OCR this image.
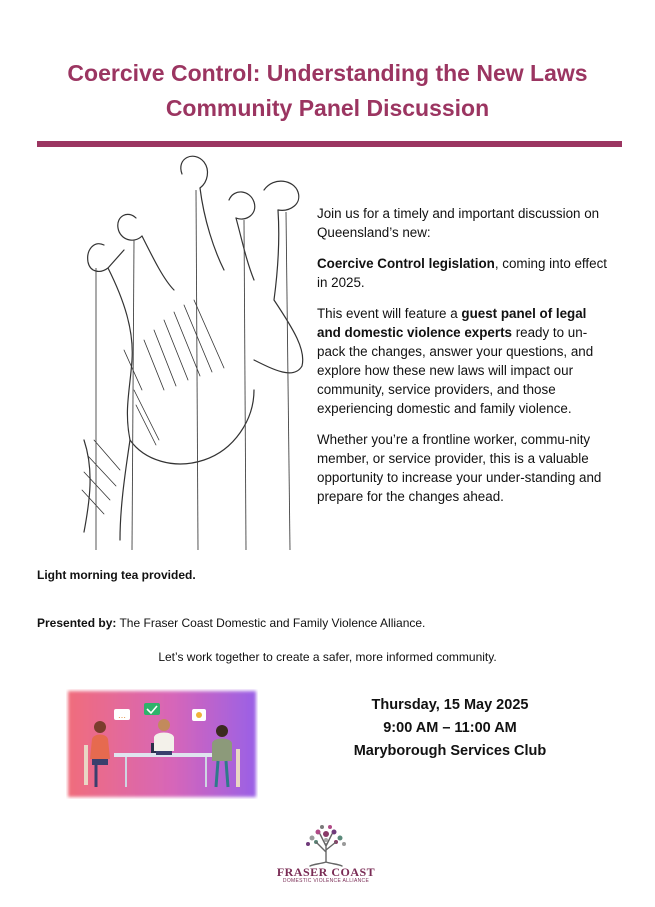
Coercive Control: Understanding the New Laws
Community Panel Discussion

Join us for a timely and important discussion on Queensland’s new:

Coercive Control legislation, coming into effect in 2025.

This event will feature a guest panel of legal and domestic violence experts ready to un-pack the changes, answer your questions, and explore how these new laws will impact our community, service providers, and those experiencing domestic and family violence.

Whether you’re a frontline worker, commu-nity member, or service provider, this is a valuable opportunity to increase your under-standing and prepare for the changes ahead.

Light morning tea provided.
Presented by: The Fraser Coast Domestic and Family Violence Alliance.
Let’s work together to create a safer, more informed community.
…
Thursday, 15 May 2025
9:00 AM – 11:00 AM
Maryborough Services Club
FRASER COAST
DOMESTIC VIOLENCE ALLIANCE
